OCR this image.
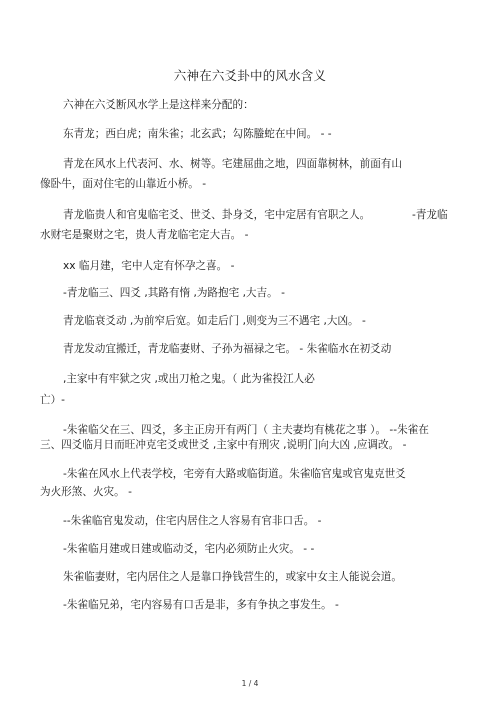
六神在六爻卦中的风水含义
六神在六爻断风水学上是这样来分配的：
东青龙；西白虎；南朱雀；北玄武；勾陈螣蛇在中间。 - -
青龙在风水上代表河、水、树等。宅建屈曲之地，四面靠树林，前面有山
像卧牛，面对住宅的山靠近小桥。 -
青龙临贵人和官鬼临宅爻、世爻、卦身爻，宅中定居有官职之人。	-青龙临
水财宅是聚财之宅，贵人青龙临宅定大吉。 -
xx 临月建，宅中人定有怀孕之喜。 -
-青龙临三、四爻 ,其路有惰 ,为路抱宅 ,大吉。 -
青龙临衰爻动 ,为前窄后宽。如走后门 ,则变为三不遇宅 ,大凶。 -
青龙发动宜搬迁，青龙临妻财、子孙为福禄之宅。 - 朱雀临水在初爻动
,主家中有牢狱之灾 ,或出刀枪之鬼。（ 此为雀投江人必
亡）-
-朱雀临父在三、四爻，多主正房开有两门（ 主夫妻均有桃花之事 ）。 --朱雀在
三、四爻临月日而旺冲克宅爻或世爻 ,主家中有刑灾 ,说明门向大凶 ,应调改。 -
-朱雀在风水上代表学校，宅旁有大路或临街道。朱雀临官鬼或官鬼克世爻
为火形煞、火灾。 -
--朱雀临官鬼发动，住宅内居住之人容易有官非口舌。 -
-朱雀临月建或日建或临动爻，宅内必须防止火灾。 - -
朱雀临妻财，宅内居住之人是靠口挣钱营生的，或家中女主人能说会道。
-朱雀临兄弟，宅内容易有口舌是非，多有争执之事发生。 -
1 / 4
